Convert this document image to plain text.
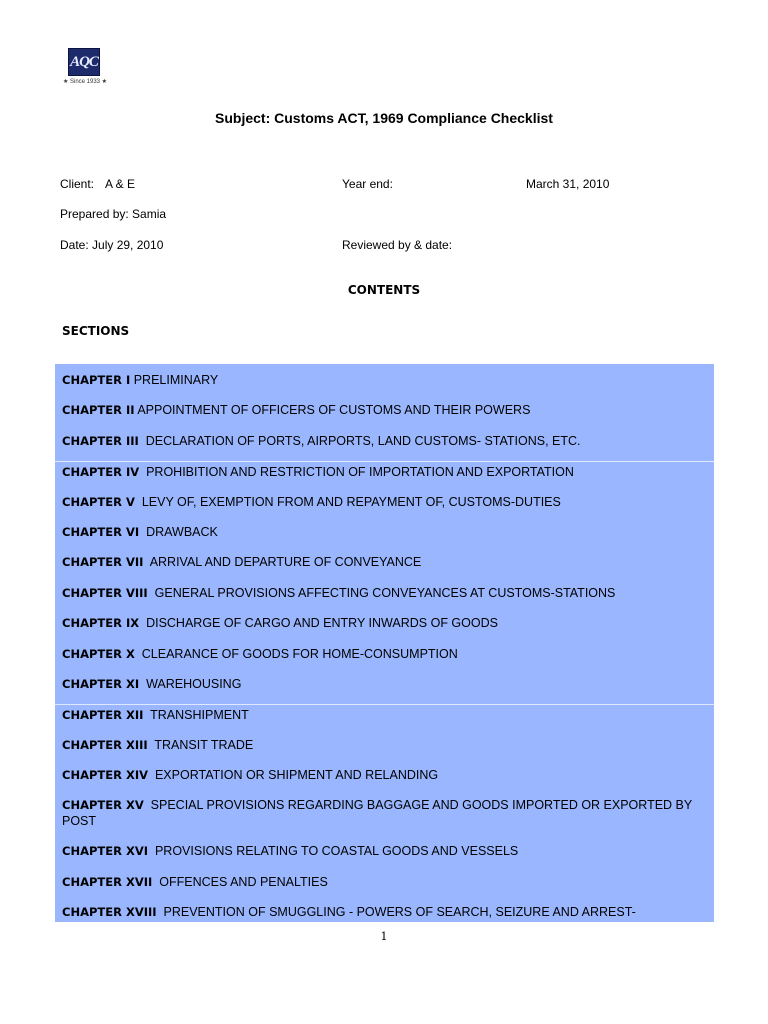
AQC
★ Since 1933 ★
Subject: Customs ACT, 1969 Compliance Checklist
Client: A & E	Year end:	March 31, 2010
Prepared by: Samia
Date: July 29, 2010	Reviewed by & date:
CONTENTS
SECTIONS
CHAPTER I PRELIMINARY
CHAPTER II APPOINTMENT OF OFFICERS OF CUSTOMS AND THEIR POWERS
CHAPTER III DECLARATION OF PORTS, AIRPORTS, LAND CUSTOMS- STATIONS, ETC.
CHAPTER IV PROHIBITION AND RESTRICTION OF IMPORTATION AND EXPORTATION
CHAPTER V LEVY OF, EXEMPTION FROM AND REPAYMENT OF, CUSTOMS-DUTIES
CHAPTER VI DRAWBACK
CHAPTER VII ARRIVAL AND DEPARTURE OF CONVEYANCE
CHAPTER VIII GENERAL PROVISIONS AFFECTING CONVEYANCES AT CUSTOMS-STATIONS
CHAPTER IX DISCHARGE OF CARGO AND ENTRY INWARDS OF GOODS
CHAPTER X CLEARANCE OF GOODS FOR HOME-CONSUMPTION
CHAPTER XI WAREHOUSING
CHAPTER XII TRANSHIPMENT
CHAPTER XIII TRANSIT TRADE
CHAPTER XIV EXPORTATION OR SHIPMENT AND RELANDING
CHAPTER XV SPECIAL PROVISIONS REGARDING BAGGAGE AND GOODS IMPORTED OR EXPORTED BY POST
CHAPTER XVI PROVISIONS RELATING TO COASTAL GOODS AND VESSELS
CHAPTER XVII OFFENCES AND PENALTIES
CHAPTER XVIII PREVENTION OF SMUGGLING - POWERS OF SEARCH, SEIZURE AND ARREST-
1
